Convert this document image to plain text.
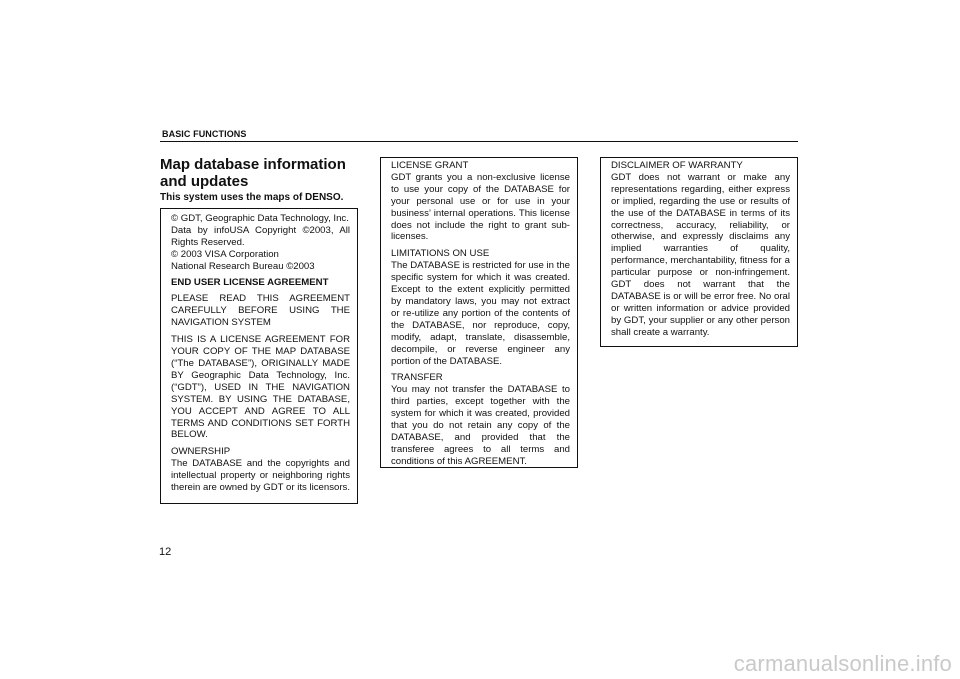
BASIC FUNCTIONS
Map database information and updates
This system uses the maps of DENSO.

© GDT, Geographic Data Technology, Inc.
Data by infoUSA Copyright ©2003, All Rights Reserved.
© 2003 VISA Corporation
National Research Bureau ©2003

END USER LICENSE AGREEMENT

PLEASE READ THIS AGREEMENT CAREFULLY BEFORE USING THE NAVIGATION SYSTEM

THIS IS A LICENSE AGREEMENT FOR YOUR COPY OF THE MAP DATABASE (“The DATABASE”), ORIGINALLY MADE BY Geographic Data Technology, Inc. (“GDT”), USED IN THE NAVIGATION SYSTEM. BY USING THE DATABASE, YOU ACCEPT AND AGREE TO ALL TERMS AND CONDITIONS SET FORTH BELOW.

OWNERSHIP
The DATABASE and the copyrights and intellectual property or neighboring rights therein are owned by GDT or its licensors.

LICENSE GRANT
GDT grants you a non-exclusive license to use your copy of the DATABASE for your personal use or for use in your business’ internal operations. This license does not include the right to grant sub-licenses.

LIMITATIONS ON USE
The DATABASE is restricted for use in the specific system for which it was created. Except to the extent explicitly permitted by mandatory laws, you may not extract or re-utilize any portion of the contents of the DATABASE, nor reproduce, copy, modify, adapt, translate, disassemble, decompile, or reverse engineer any portion of the DATABASE.

TRANSFER
You may not transfer the DATABASE to third parties, except together with the system for which it was created, provided that you do not retain any copy of the DATABASE, and provided that the transferee agrees to all terms and conditions of this AGREEMENT.

DISCLAIMER OF WARRANTY
GDT does not warrant or make any representations regarding, either express or implied, regarding the use or results of the use of the DATABASE in terms of its correctness, accuracy, reliability, or otherwise, and expressly disclaims any implied warranties of quality, performance, merchantability, fitness for a particular purpose or non-infringement. GDT does not warrant that the DATABASE is or will be error free. No oral or written information or advice provided by GDT, your supplier or any other person shall create a warranty.

12
carmanualsonline.info
